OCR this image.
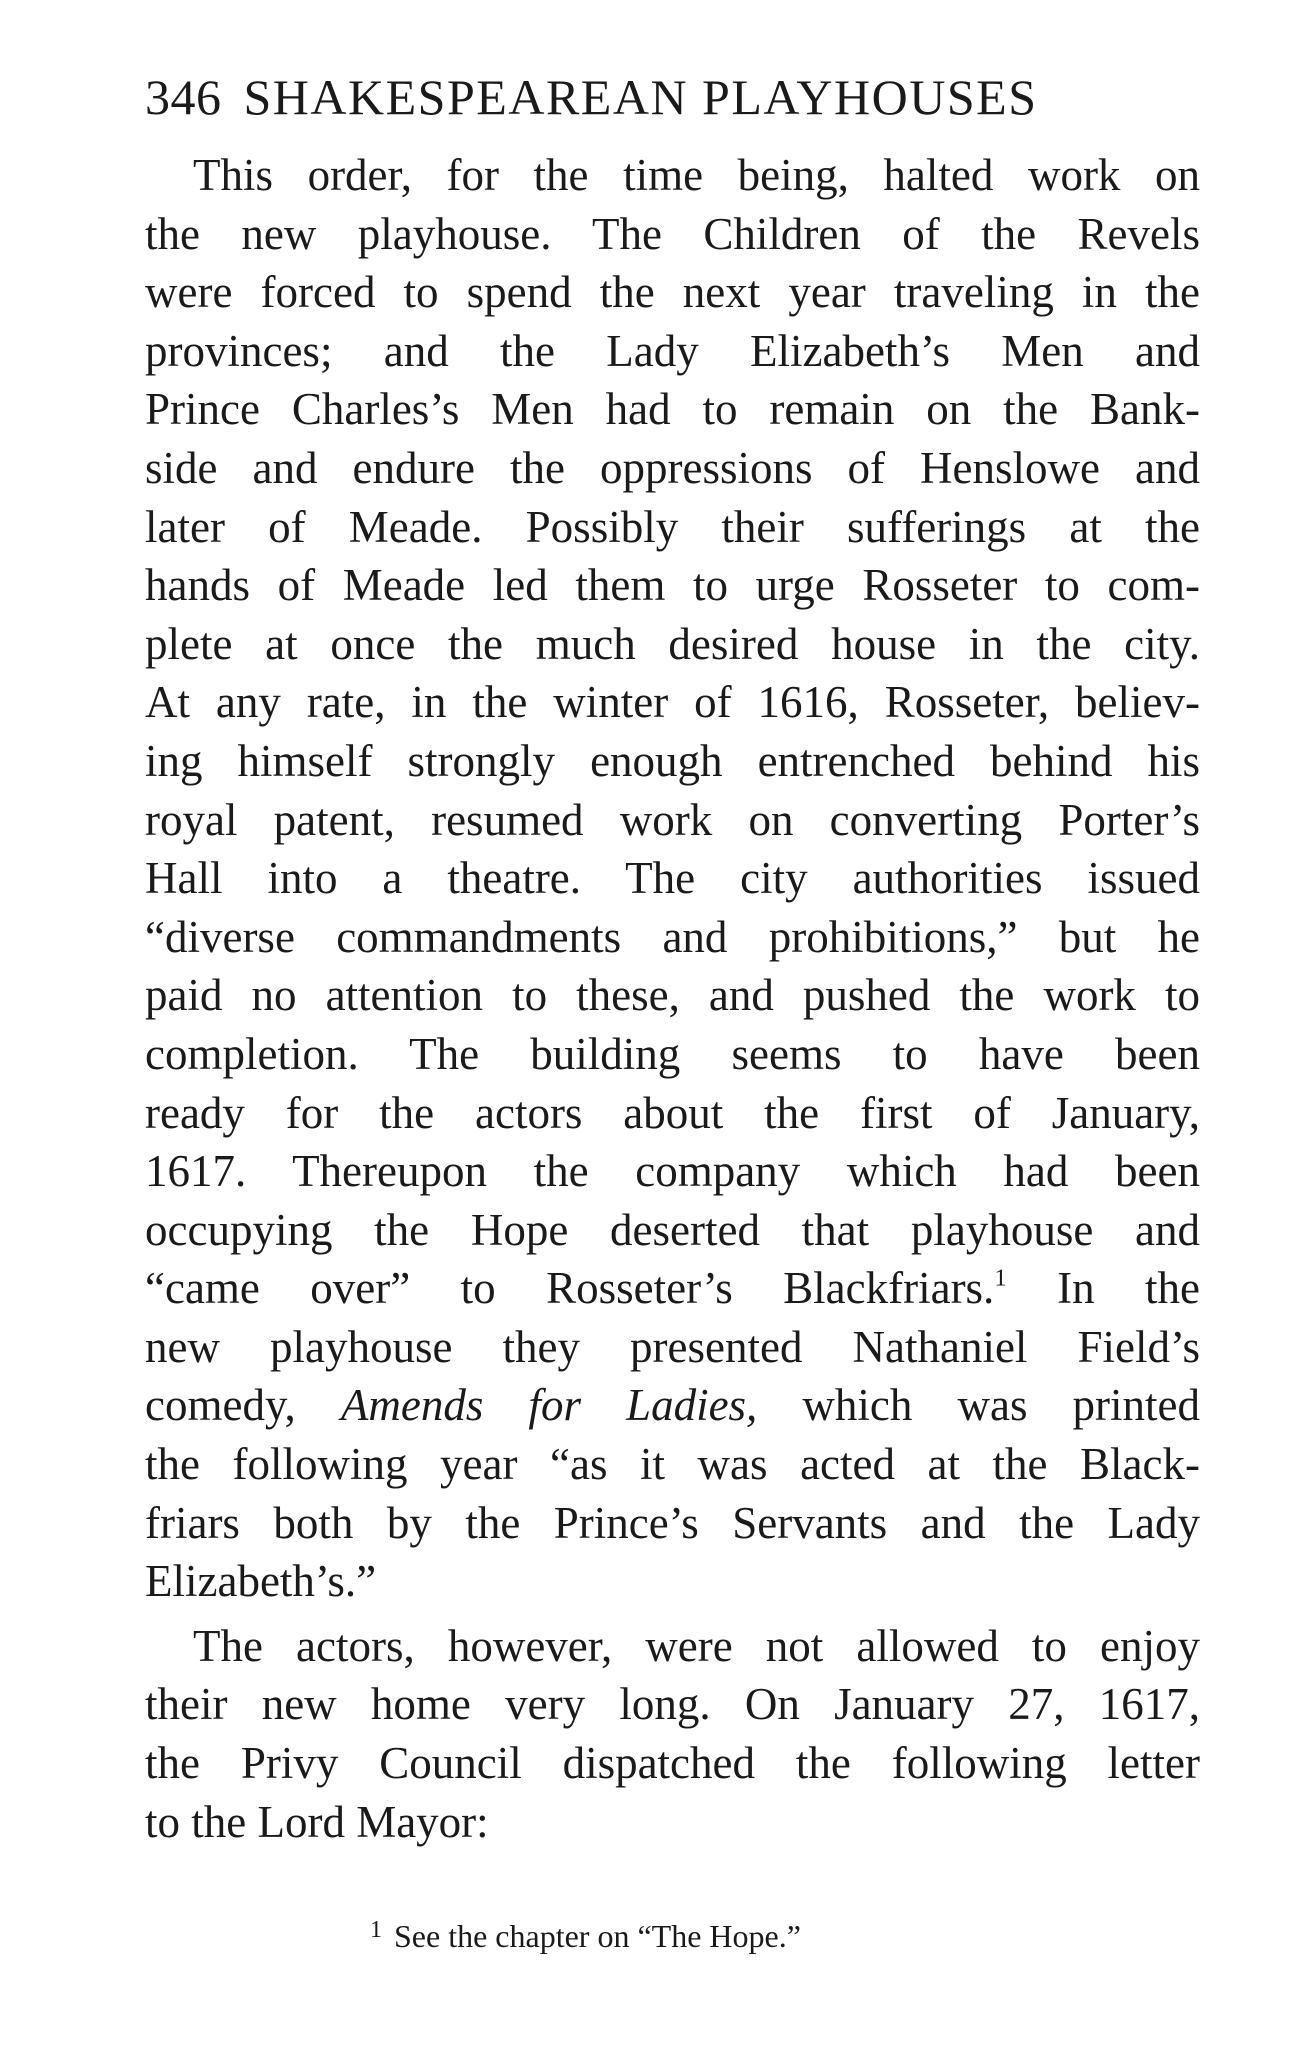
346 SHAKESPEAREAN PLAYHOUSES
This order, for the time being, halted work on
the new playhouse. The Children of the Revels
were forced to spend the next year traveling in the
provinces; and the Lady Elizabeth’s Men and
Prince Charles’s Men had to remain on the Bank-
side and endure the oppressions of Henslowe and
later of Meade. Possibly their sufferings at the
hands of Meade led them to urge Rosseter to com-
plete at once the much desired house in the city.
At any rate, in the winter of 1616, Rosseter, believ-
ing himself strongly enough entrenched behind his
royal patent, resumed work on converting Porter’s
Hall into a theatre. The city authorities issued
“diverse commandments and prohibitions,” but he
paid no attention to these, and pushed the work to
completion. The building seems to have been
ready for the actors about the first of January,
1617. Thereupon the company which had been
occupying the Hope deserted that playhouse and
“came over” to Rosseter’s Blackfriars.$^1$ In the
new playhouse they presented Nathaniel Field’s
comedy, Amends for Ladies, which was printed
the following year “as it was acted at the Black-
friars both by the Prince’s Servants and the Lady
Elizabeth’s.”
The actors, however, were not allowed to enjoy
their new home very long. On January 27, 1617,
the Privy Council dispatched the following letter
to the Lord Mayor:
$^1$ See the chapter on “The Hope.”
